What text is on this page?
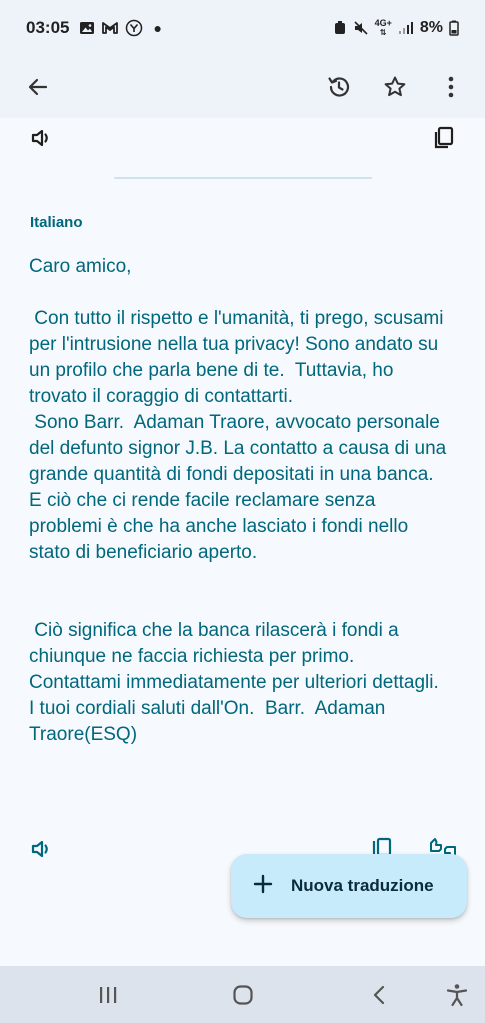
03:05	●	4G+
⇅ 8%
Italiano
Caro amico,

Con tutto il rispetto e l'umanità, ti prego, scusami per l'intrusione nella tua privacy! Sono andato su un profilo che parla bene di te.  Tuttavia, ho trovato il coraggio di contattarti.
Sono Barr.  Adaman Traore, avvocato personale del defunto signor J.B. La contatto a causa di una grande quantità di fondi depositati in una banca.  E ciò che ci rende facile reclamare senza problemi è che ha anche lasciato i fondi nello stato di beneficiario aperto.

Ciò significa che la banca rilascerà i fondi a chiunque ne faccia richiesta per primo. Contattami immediatamente per ulteriori dettagli.  I tuoi cordiali saluti dall'On.  Barr.  Adaman Traore(ESQ)
Nuova traduzione
